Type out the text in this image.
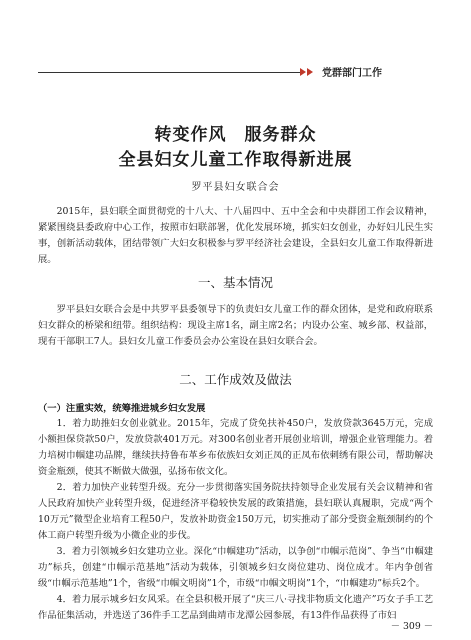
党群部门工作
转变作风　服务群众
全县妇女儿童工作取得新进展
罗平县妇女联合会
2015年，县妇联全面贯彻党的十八大、十八届四中、五中全会和中央群团工作会议精神，紧紧围绕县委政府中心工作，按照市妇联部署，优化发展环境，抓实妇女创业，办好妇儿民生实事，创新活动载体，团结带领广大妇女积极参与罗平经济社会建设，全县妇女儿童工作取得新进展。
一、基本情况
罗平县妇女联合会是中共罗平县委领导下的负责妇女儿童工作的群众团体，是党和政府联系妇女群众的桥梁和纽带。组织结构：现设主席1名，副主席2名；内设办公室、城乡部、权益部，现有干部职工7人。县妇女儿童工作委员会办公室设在县妇女联合会。
二、工作成效及做法
（一）注重实效，统筹推进城乡妇女发展

1．着力助推妇女创业就业。2015年，完成了贷免扶补450户，发放贷款3645万元，完成小额担保贷款50户，发放贷款401万元。对300名创业者开展创业培训，增强企业管理能力。着力培树巾帼建功品牌，继续扶持鲁布革乡布依族妇女刘正凤的正凤布依刺绣有限公司，帮助解决资金瓶颈，使其不断做大做强，弘扬布依文化。

2．着力加快产业转型升级。充分一步贯彻落实国务院扶持领导企业发展有关会议精神和省人民政府加快产业转型升级，促进经济平稳较快发展的政策措施，县妇联认真履职，完成“两个10万元”微型企业培育工程50户，发放补助资金150万元，切实推动了部分受资金瓶颈制约的个体工商户转型升级为小微企业的步伐。

3．着力引领城乡妇女建功立业。深化“巾帼建功”活动，以争创“巾帼示范岗”、争当“巾帼建功”标兵，创建“巾帼示范基地”活动为载体，引领城乡妇女岗位建功、岗位成才。年内争创省级“巾帼示范基地”1个，省级“巾帼文明岗”1个，市级“巾帼文明岗”1个，“巾帼建功”标兵2个。

4．着力展示城乡妇女风采。在全县积极开展了“庆三八·寻找非物质文化遗产”巧女子手工艺作品征集活动，并选送了36件手工艺品到曲靖市龙潭公园参展，有13件作品获得了市妇

－ 309 －
